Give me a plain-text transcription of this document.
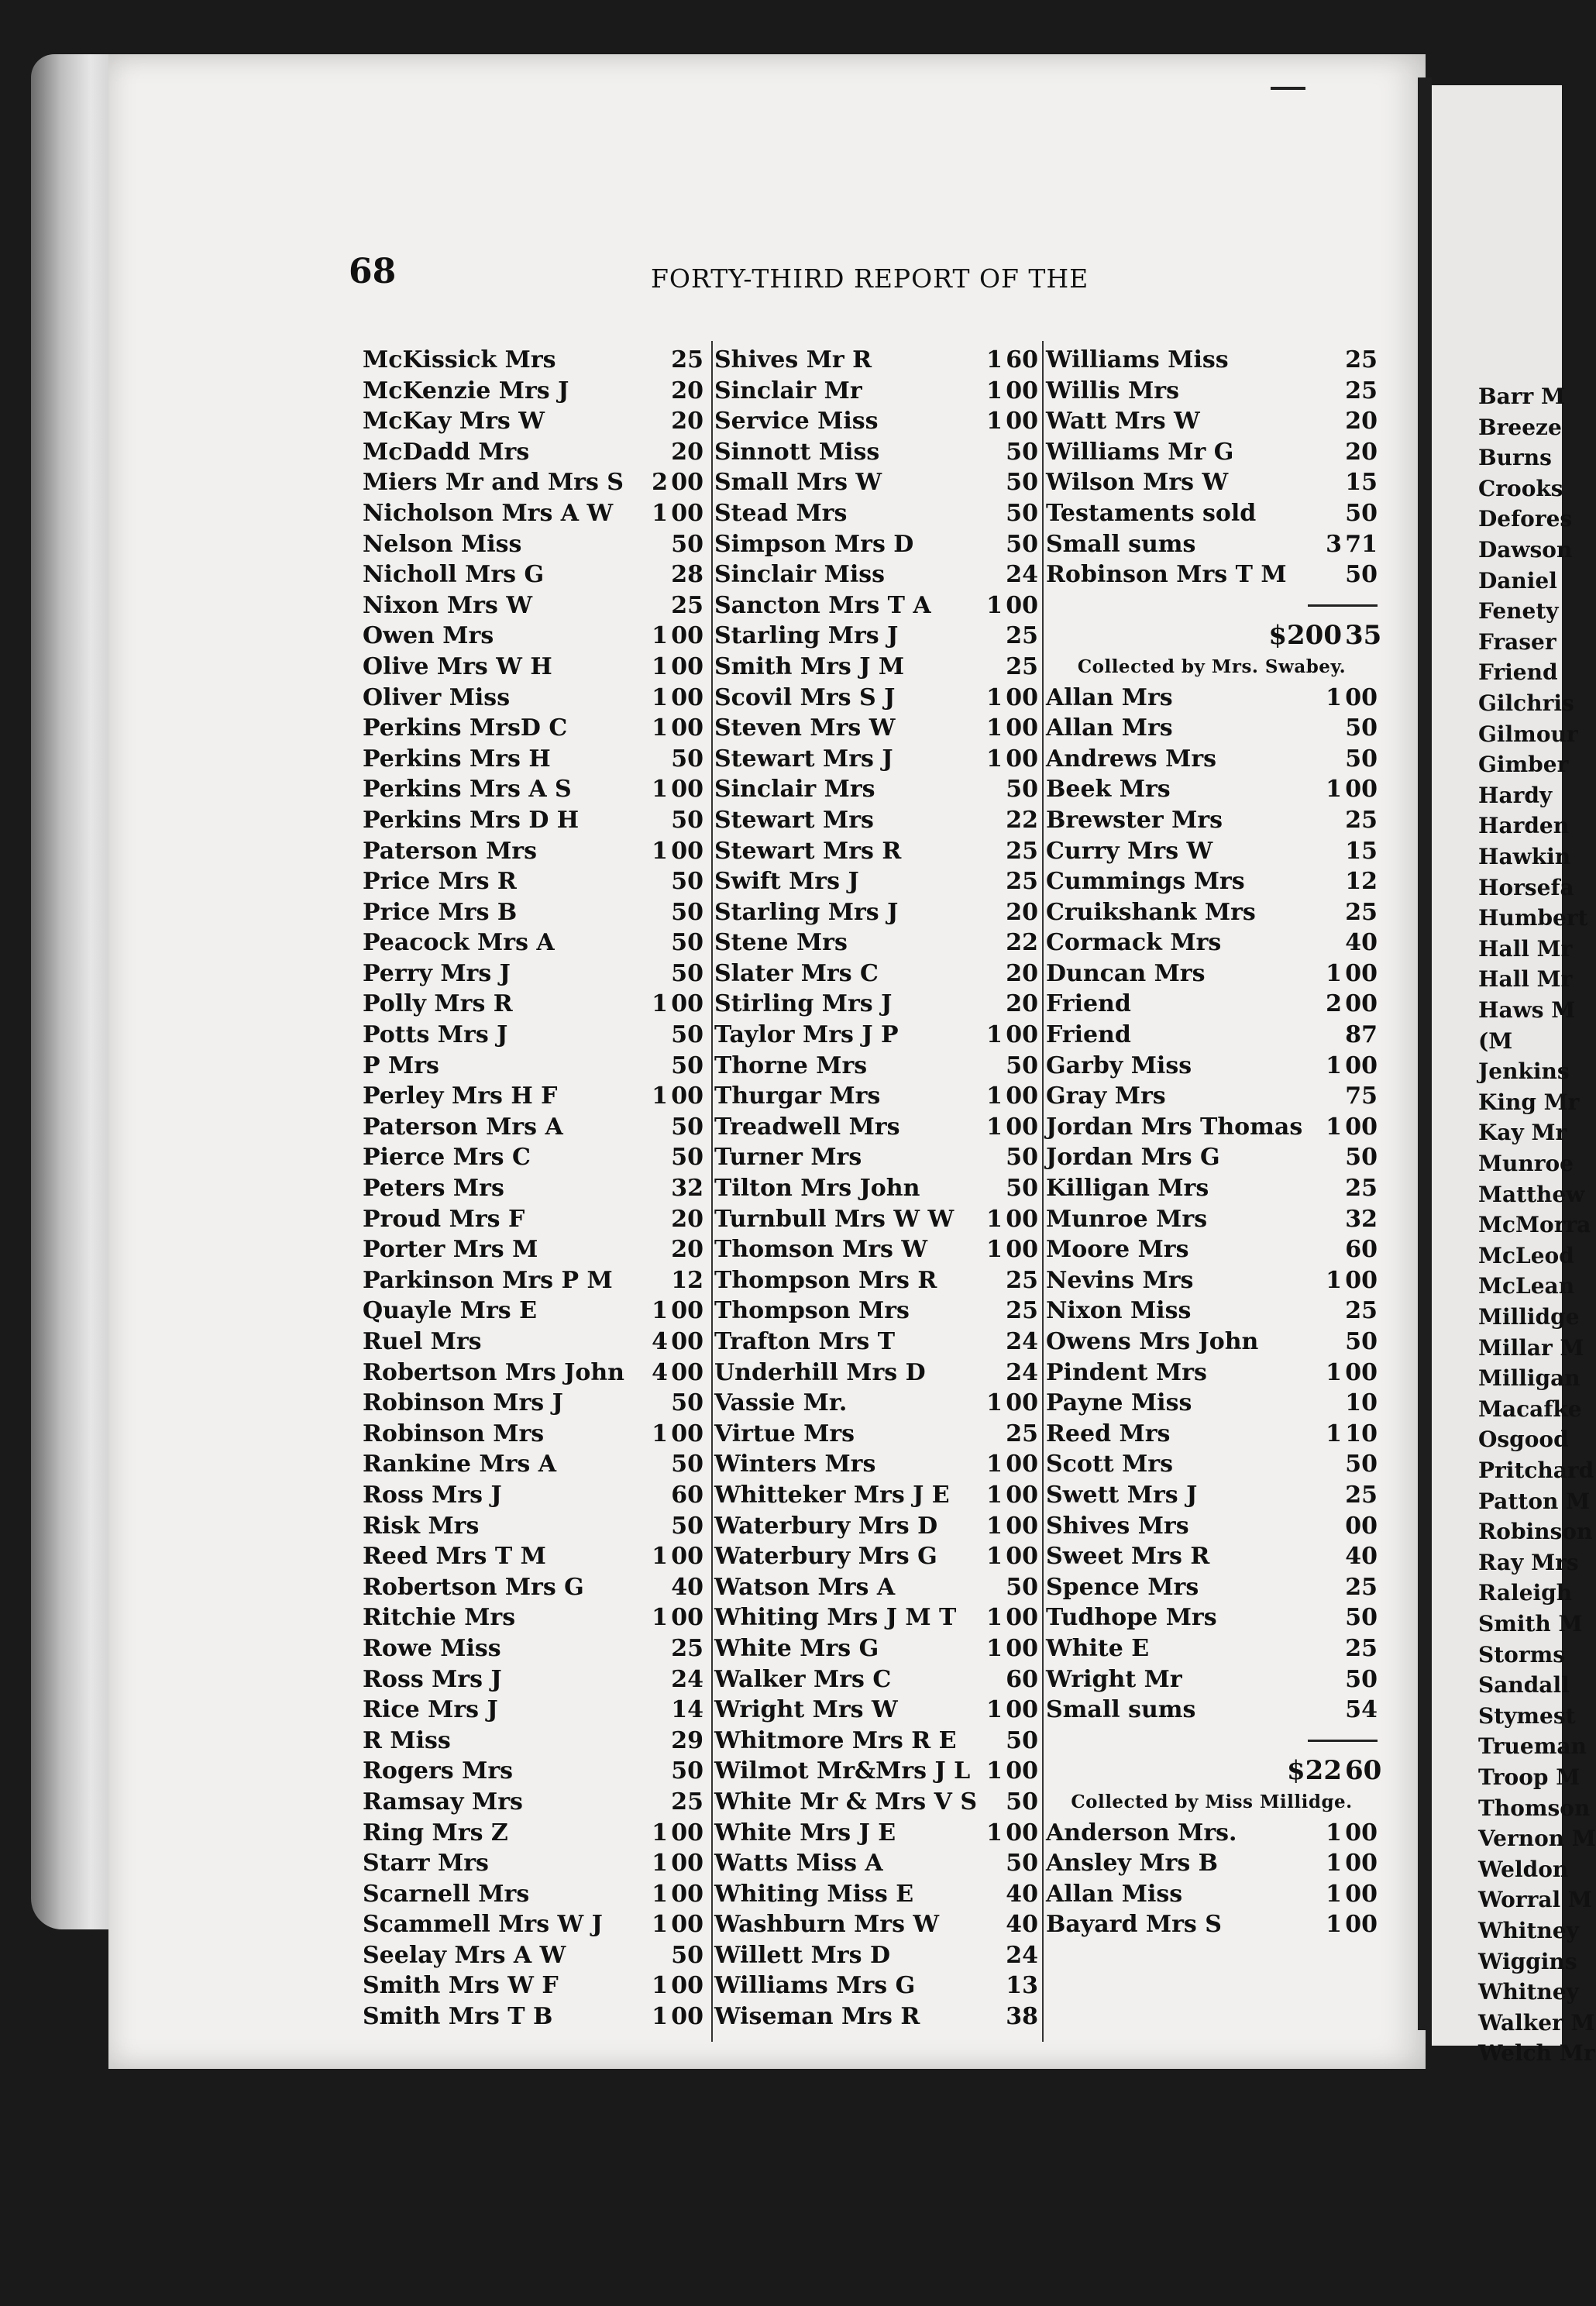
Barr M
Breeze
Burns
Crooks
Defores
Dawson
Daniel
Fenety
Fraser
Friend
Gilchris
Gilmour
Gimber
Hardy
Harden
Hawkin
Horsefa
Humbert
Hall Mr
Hall Mr
Haws M
(M
Jenkins
King Mr
Kay Mr
Munroe
Matthew
McMorra
McLeod
McLean
Millidge
Millar M
Milligan
Macafke
Osgood
Pritchard
Patton M
Robinson
Ray Mrs
Raleigh
Smith M
Storms
Sandall
Stymest
Trueman
Troop M
Thomson
Vernon M
Weldon
Worral M
Whitney
Wiggins
Whitney
Walker M
Welch Mr
68	FORTY-THIRD REPORT OF THE
McKissick Mrs	25
McKenzie Mrs J	20
McKay Mrs W	20
McDadd Mrs	20
Miers Mr and Mrs S 2 00
Nicholson Mrs A W 1 00
Nelson Miss	50
Nicholl Mrs G	28
Nixon Mrs W	25
Owen Mrs	1 00
Olive Mrs W H	1 00
Oliver Miss	1 00
Perkins MrsD C	1 00
Perkins Mrs H	50
Perkins Mrs A S	1 00
Perkins Mrs D H	50
Paterson Mrs	1 00
Price Mrs R	50
Price Mrs B	50
Peacock Mrs A	50
Perry Mrs J	50
Polly Mrs R	1 00
Potts Mrs J	50
P Mrs	50
Perley Mrs H F	1 00
Paterson Mrs A	50
Pierce Mrs C	50
Peters Mrs	32
Proud Mrs F	20
Porter Mrs M	20
Parkinson Mrs P M	12
Quayle Mrs E	1 00
Ruel Mrs	4 00
Robertson Mrs John 4 00
Robinson Mrs J	50
Robinson Mrs	1 00
Rankine Mrs A	50
Ross Mrs J	60
Risk Mrs	50
Reed Mrs T M	1 00
Robertson Mrs G	40
Ritchie Mrs	1 00
Rowe Miss	25
Ross Mrs J	24
Rice Mrs J	14
R Miss	29
Rogers Mrs	50
Ramsay Mrs	25
Ring Mrs Z	1 00
Starr Mrs	1 00
Scarnell Mrs	1 00
Scammell Mrs W J 1 00
Seelay Mrs A W	50
Smith Mrs W F	1 00
Smith Mrs T B	1 00
Shives Mr R	1 60
Sinclair Mr	1 00
Service Miss	1 00
Sinnott Miss	50
Small Mrs W	50
Stead Mrs	50
Simpson Mrs D	50
Sinclair Miss	24
Sancton Mrs T A 1 00
Starling Mrs J	25
Smith Mrs J M	25
Scovil Mrs S J	1 00
Steven Mrs W	1 00
Stewart Mrs J	1 00
Sinclair Mrs	50
Stewart Mrs	22
Stewart Mrs R	25
Swift Mrs J	25
Starling Mrs J	20
Stene Mrs	22
Slater Mrs C	20
Stirling Mrs J	20
Taylor Mrs J P	1 00
Thorne Mrs	50
Thurgar Mrs	1 00
Treadwell Mrs	1 00
Turner Mrs	50
Tilton Mrs John	50
Turnbull Mrs W W 1 00
Thomson Mrs W	1 00
Thompson Mrs R	25
Thompson Mrs	25
Trafton Mrs T	24
Underhill Mrs D	24
Vassie Mr.	1 00
Virtue Mrs	25
Winters Mrs	1 00
Whitteker Mrs J E 1 00
Waterbury Mrs D 1 00
Waterbury Mrs G 1 00
Watson Mrs A	50
Whiting Mrs J M T 1 00
White Mrs G	1 00
Walker Mrs C	60
Wright Mrs W	1 00
Whitmore Mrs R E 50
Wilmot Mr&Mrs J L 1 00
White Mr & Mrs V S 50
White Mrs J E	1 00
Watts Miss A	50
Whiting Miss E	40
Washburn Mrs W	40
Willett Mrs D	24
Williams Mrs G	13
Wiseman Mrs R	38
Williams Miss	25
Willis Mrs	25
Watt Mrs W	20
Williams Mr G	20
Wilson Mrs W	15
Testaments sold	50
Small sums	3 71
Robinson Mrs T M	50
$200 35
Collected by Mrs. Swabey.
Allan Mrs	1 00
Allan Mrs	50
Andrews Mrs	50
Beek Mrs	1 00
Brewster Mrs	25
Curry Mrs W	15
Cummings Mrs	12
Cruikshank Mrs	25
Cormack Mrs	40
Duncan Mrs	1 00
Friend	2 00
Friend	87
Garby Miss	1 00
Gray Mrs	75
Jordan Mrs Thomas 1 00
Jordan Mrs G	50
Killigan Mrs	25
Munroe Mrs	32
Moore Mrs	60
Nevins Mrs	1 00
Nixon Miss	25
Owens Mrs John	50
Pindent Mrs	1 00
Payne Miss	10
Reed Mrs	1 10
Scott Mrs	50
Swett Mrs J	25
Shives Mrs	00
Sweet Mrs R	40
Spence Mrs	25
Tudhope Mrs	50
White E	25
Wright Mr	50
Small sums	54
$22 60
Collected by Miss Millidge.
Anderson Mrs.	1 00
Ansley Mrs B	1 00
Allan Miss	1 00
Bayard Mrs S	1 00
